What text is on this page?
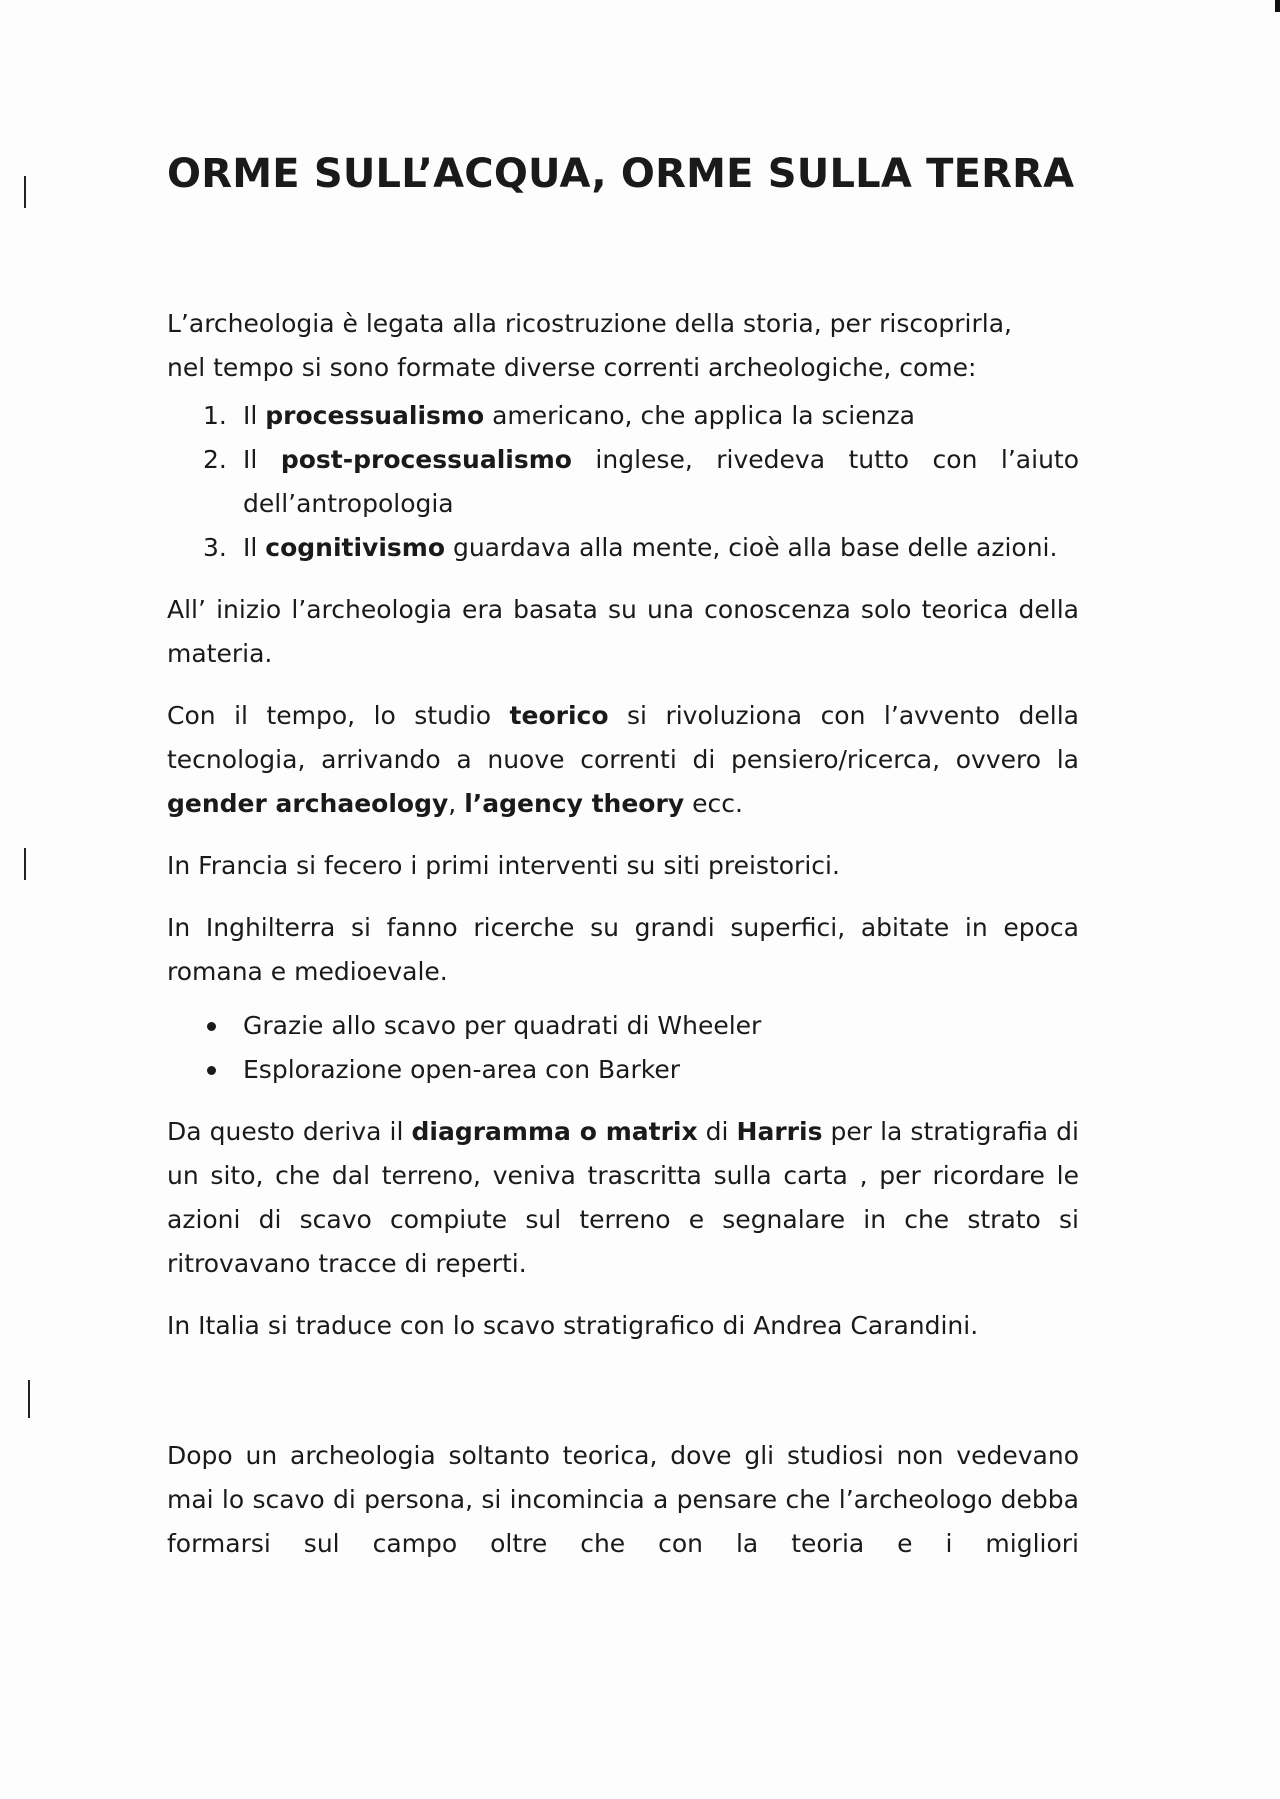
ORME SULL’ACQUA, ORME SULLA TERRA

L’archeologia è legata alla ricostruzione della storia, per riscoprirla,
nel tempo si sono formate diverse correnti archeologiche, come:

1. Il processualismo americano, che applica la scienza
2. Il post-processualismo inglese, rivedeva tutto con l’aiuto dell’antropologia
3. Il cognitivismo guardava alla mente, cioè alla base delle azioni.

All’ inizio l’archeologia era basata su una conoscenza solo teorica della materia.

Con il tempo, lo studio teorico si rivoluziona con l’avvento della tecnologia, arrivando a nuove correnti di pensiero/ricerca, ovvero la gender archaeology, l’agency theory ecc.

In Francia si fecero i primi interventi su siti preistorici.

In Inghilterra si fanno ricerche su grandi superfici, abitate in epoca romana e medioevale.

Grazie allo scavo per quadrati di Wheeler
Esplorazione open-area con Barker

Da questo deriva il diagramma o matrix di Harris per la stratigrafia di un sito, che dal terreno, veniva trascritta sulla carta , per ricordare le azioni di scavo compiute sul terreno e segnalare in che strato si ritrovavano tracce di reperti.

In Italia si traduce con lo scavo stratigrafico di Andrea Carandini.

Dopo un archeologia soltanto teorica, dove gli studiosi non vedevano mai lo scavo di persona, si incomincia a pensare che l’archeologo debba formarsi sul campo oltre che con la teoria e i migliori
